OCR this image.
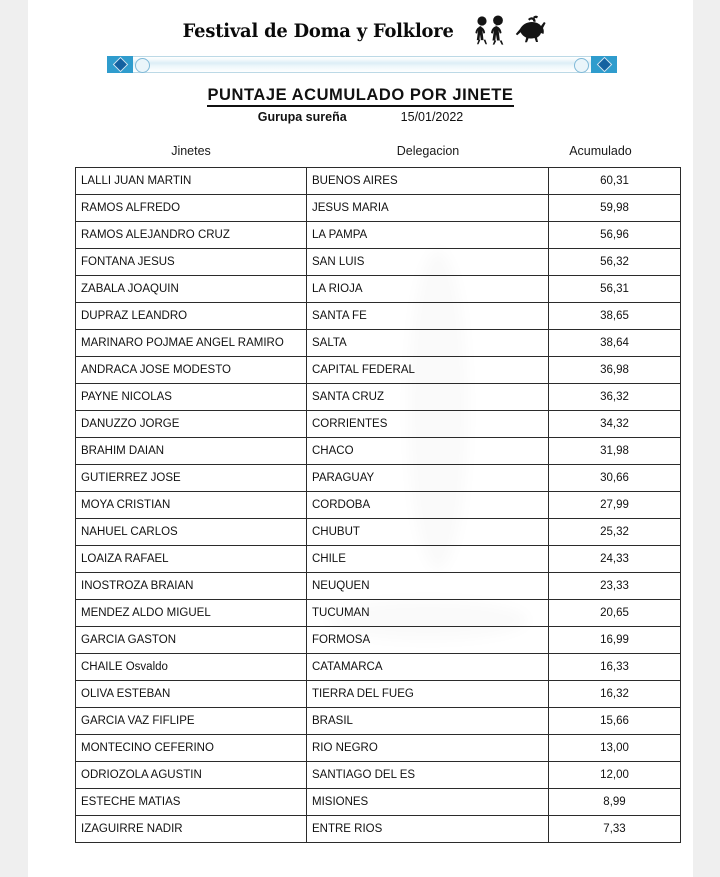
Festival de Doma y Folklore
PUNTAJE ACUMULADO POR JINETE
Gurupa sureña	15/01/2022
Jinetes	Delegacion	Acumulado
LALLI JUAN MARTIN	BUENOS AIRES	60,31
RAMOS ALFREDO	JESUS MARIA	59,98
RAMOS ALEJANDRO CRUZ	LA PAMPA	56,96
FONTANA JESUS	SAN LUIS	56,32
ZABALA JOAQUIN	LA RIOJA	56,31
DUPRAZ LEANDRO	SANTA FE	38,65
MARINARO POJMAE ANGEL RAMIRO	SALTA	38,64
ANDRACA JOSE MODESTO	CAPITAL FEDERAL	36,98
PAYNE NICOLAS	SANTA CRUZ	36,32
DANUZZO JORGE	CORRIENTES	34,32
BRAHIM DAIAN	CHACO	31,98
GUTIERREZ JOSE	PARAGUAY	30,66
MOYA CRISTIAN	CORDOBA	27,99
NAHUEL CARLOS	CHUBUT	25,32
LOAIZA RAFAEL	CHILE	24,33
INOSTROZA BRAIAN	NEUQUEN	23,33
MENDEZ ALDO MIGUEL	TUCUMAN	20,65
GARCIA GASTON	FORMOSA	16,99
CHAILE Osvaldo	CATAMARCA	16,33
OLIVA ESTEBAN	TIERRA DEL FUEG	16,32
GARCIA VAZ FIFLIPE	BRASIL	15,66
MONTECINO CEFERINO	RIO NEGRO	13,00
ODRIOZOLA AGUSTIN	SANTIAGO DEL ES	12,00
ESTECHE MATIAS	MISIONES	8,99
IZAGUIRRE NADIR	ENTRE RIOS	7,33
